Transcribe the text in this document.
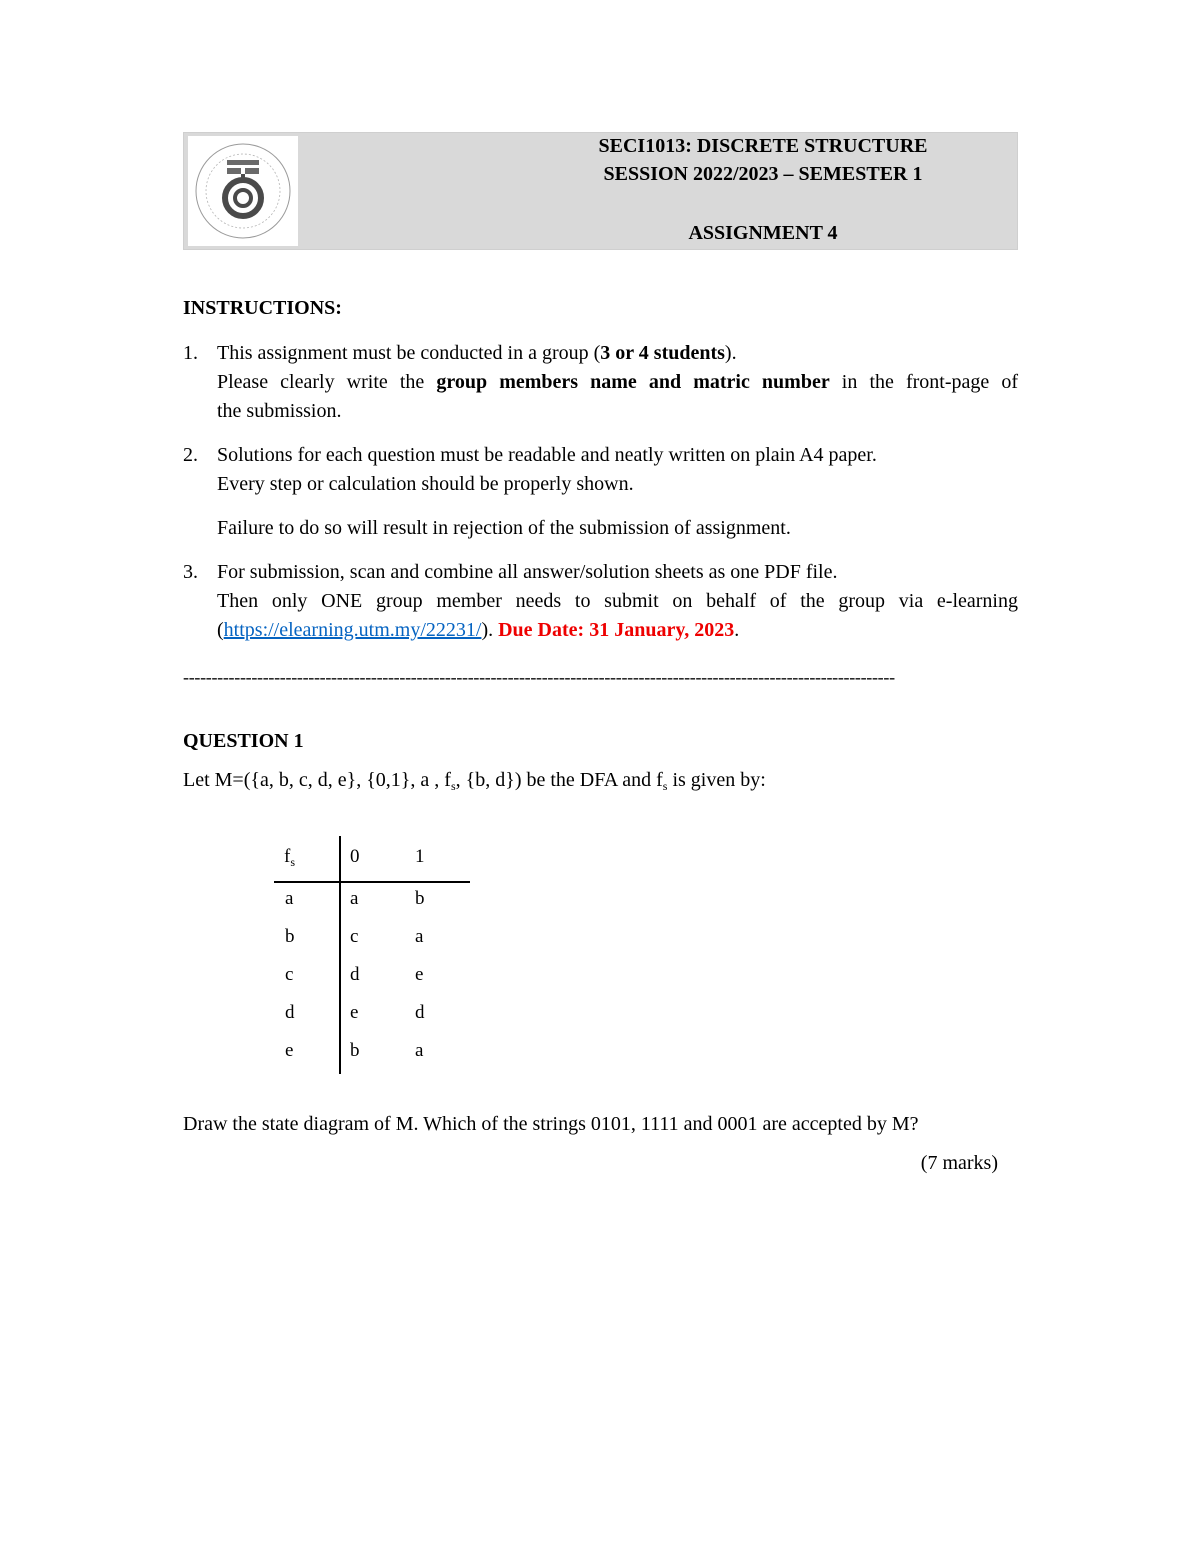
SECI1013: DISCRETE STRUCTURE
SESSION 2022/2023 – SEMESTER 1
ASSIGNMENT 4
INSTRUCTIONS:
1. This assignment must be conducted in a group (3 or 4 students).
Please clearly write the group members name and matric number in the front-page of
the submission.
2. Solutions for each question must be readable and neatly written on plain A4 paper.
Every step or calculation should be properly shown.
Failure to do so will result in rejection of the submission of assignment.
3. For submission, scan and combine all answer/solution sheets as one PDF file.
Then only ONE group member needs to submit on behalf of the group via e-learning
(https://elearning.utm.my/22231/). Due Date: 31 January, 2023.
-----------------------------------------------------------------------------------------------------------------------------
QUESTION 1
Let M=({a, b, c, d, e}, {0,1}, a , $f_s$, {b, d}) be the DFA and $f_s$ is given by:
$f_s$	0	1
a	a	b
b	c	a
c	d	e
d	e	d
e	b	a
Draw the state diagram of M. Which of the strings 0101, 1111 and 0001 are accepted by M?
(7 marks)
